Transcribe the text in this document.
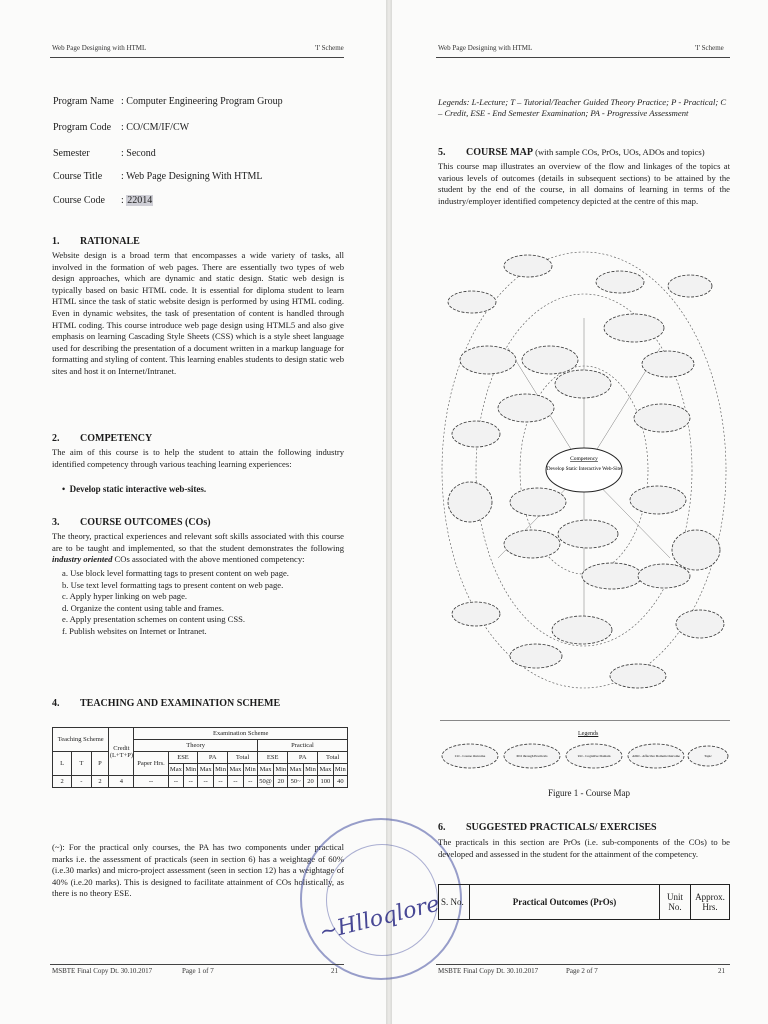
Web Page Designing with HTML	'I' Scheme
Program Name : Computer Engineering Program Group
Program Code : CO/CM/IF/CW
Semester	: Second
Course Title	: Web Page Designing With HTML
Course Code	: 22014
1. RATIONALE
Website design is a broad term that encompasses a wide variety of tasks, all involved in the formation of web pages. There are essentially two types of web design approaches, which are dynamic and static design. Static web design is typically based on basic HTML code. It is essential for diploma student to learn HTML since the task of static website design is performed by using HTML coding. Even in dynamic websites, the task of presentation of content is handled through HTML coding. This course introduce web page design using HTML5 and also give emphasis on learning Cascading Style Sheets (CSS) which is a style sheet language used for describing the presentation of a document written in a markup language for formatting and styling of content. This learning enables students to design static web sites and host it on Internet/Intranet.
2. COMPETENCY
The aim of this course is to help the student to attain the following industry identified competency through various teaching learning experiences:
•  Develop static interactive web-sites.
3. COURSE OUTCOMES (COs)
The theory, practical experiences and relevant soft skills associated with this course are to be taught and implemented, so that the student demonstrates the following industry oriented COs associated with the above mentioned competency:
a. Use block level formatting tags to present content on web page.
b. Use text level formatting tags to present content on web page.
c. Apply hyper linking on web page.
d. Organize the content using table and frames.
e. Apply presentation schemes on content using CSS.
f. Publish websites on Internet or Intranet.
4. TEACHING AND EXAMINATION SCHEME
Teaching Scheme			Credit (L+T+P)	Examination Scheme												
				Theory							Practical					
L	T	P		Paper Hrs.	ESE		PA		Total		ESE		PA		Total	
					Max	Min	Max	Min	Max	Min	Max	Min	Max	Min	Max	Min
2	-	2	4	--	--	--	--	--	--	--	50@	20	50~	20	100	40
(~): For the practical only courses, the PA has two components under practical marks i.e. the assessment of practicals (seen in section 6) has a weightage of 60% (i.e.30 marks) and micro-project assessment (seen in section 12) has a weightage of 40% (i.e.20 marks). This is designed to facilitate attainment of COs holistically, as there is no theory ESE.	~Hlloqlore
MSBTE Final Copy Dt. 30.10.2017	Page 1 of 7	21
Web Page Designing with HTML	'I' Scheme
Legends: L-Lecture; T – Tutorial/Teacher Guided Theory Practice; P - Practical; C – Credit, ESE - End Semester Examination; PA - Progressive Assessment
5. COURSE MAP (with sample COs, PrOs, UOs, ADOs and topics)
This course map illustrates an overview of the flow and linkages of the topics at various levels of outcomes (details in subsequent sections) to be attained by the student by the end of the course, in all domains of learning in terms of the industry/employer identified competency depicted at the centre of this map.
Competency
Develop Static Interactive Web-Site
Legends
CO - Course Outcome	PrO through Practicals	UO - Cognitive Domain	ADO - Affective Domain Outcome	Topic
Figure 1 - Course Map
6. SUGGESTED PRACTICALS/ EXERCISES
The practicals in this section are PrOs (i.e. sub-components of the COs) to be developed and assessed in the student for the attainment of the competency.
S. No.	Practical Outcomes (PrOs)	Unit No.	Approx. Hrs.
MSBTE Final Copy Dt. 30.10.2017	Page 2 of 7	21
